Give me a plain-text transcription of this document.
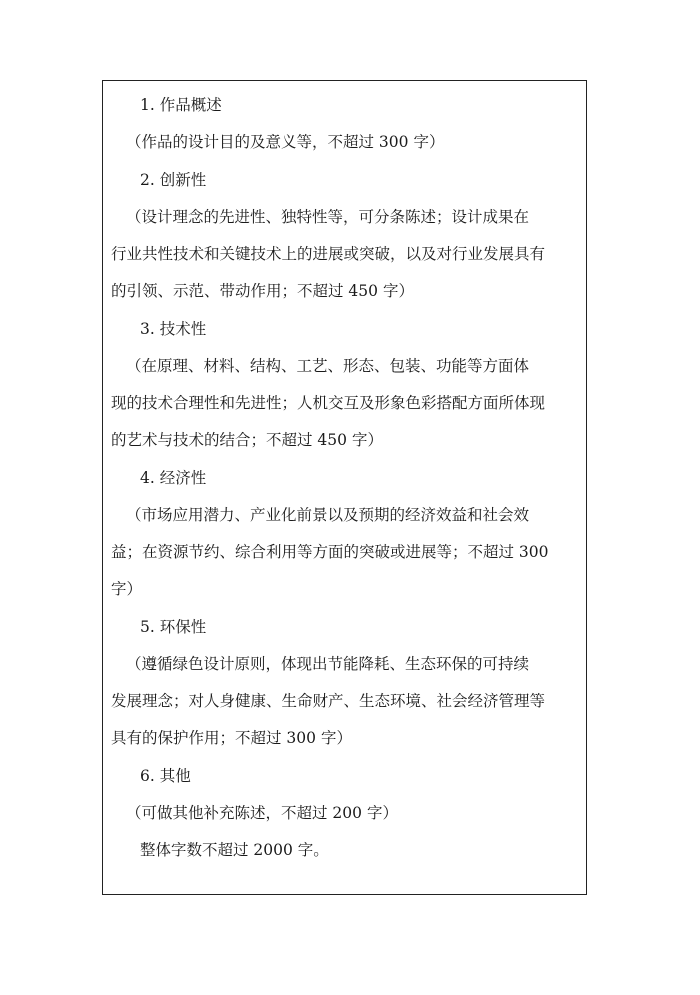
1. 作品概述
（作品的设计目的及意义等，不超过 300 字）
2. 创新性
（设计理念的先进性、独特性等，可分条陈述；设计成果在
行业共性技术和关键技术上的进展或突破，以及对行业发展具有
的引领、示范、带动作用；不超过 450 字）
3. 技术性
（在原理、材料、结构、工艺、形态、包装、功能等方面体
现的技术合理性和先进性；人机交互及形象色彩搭配方面所体现
的艺术与技术的结合；不超过 450 字）
4. 经济性
（市场应用潜力、产业化前景以及预期的经济效益和社会效
益；在资源节约、综合利用等方面的突破或进展等；不超过 300
字）
5. 环保性
（遵循绿色设计原则，体现出节能降耗、生态环保的可持续
发展理念；对人身健康、生命财产、生态环境、社会经济管理等
具有的保护作用；不超过 300 字）
6. 其他
（可做其他补充陈述，不超过 200 字）
整体字数不超过 2000 字。
